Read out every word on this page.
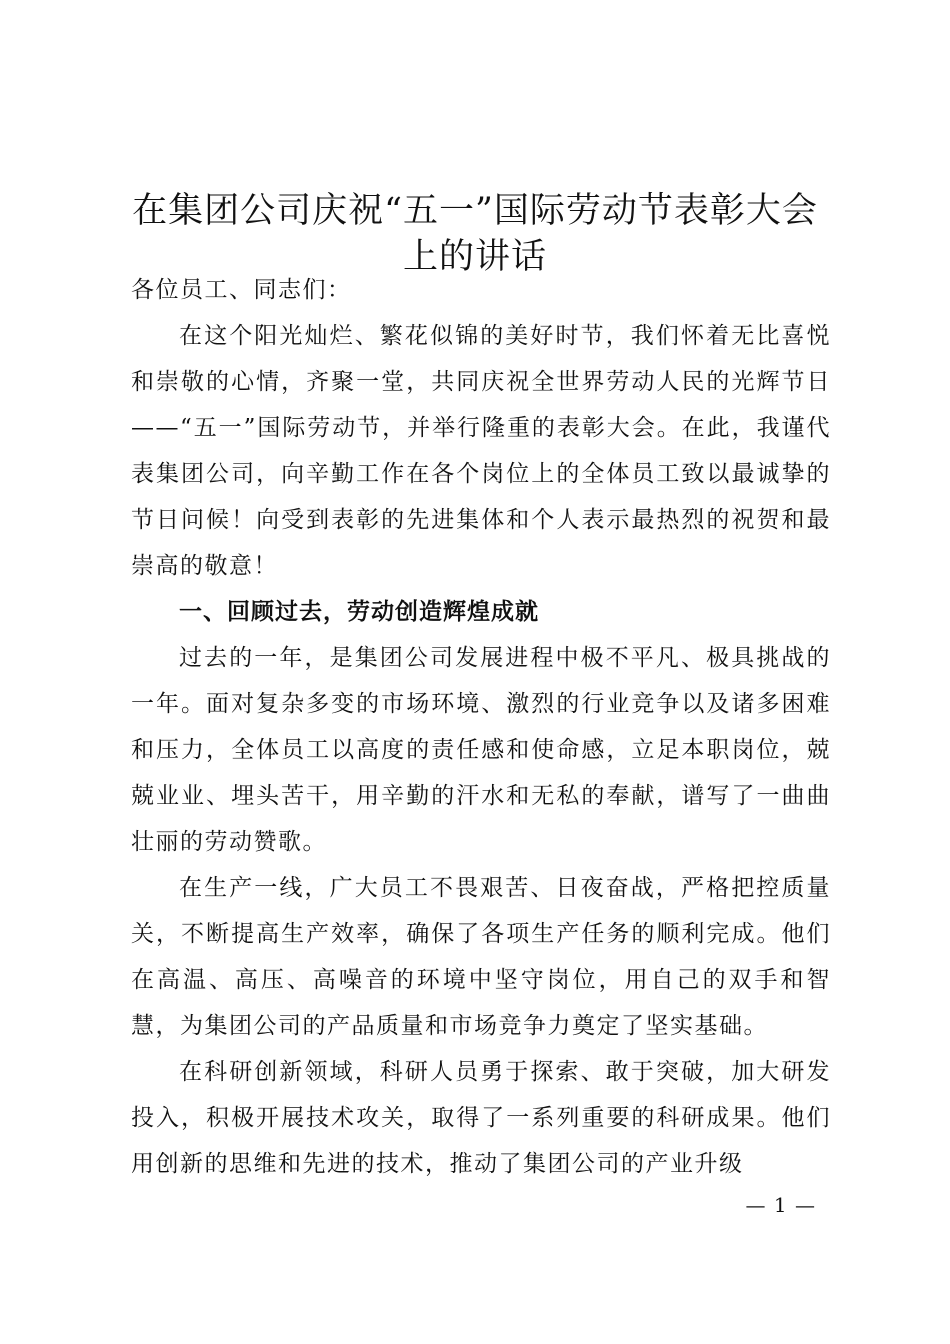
在集团公司庆祝“五一”国际劳动节表彰大会上的讲话

各位员工、同志们：

在这个阳光灿烂、繁花似锦的美好时节，我们怀着无比喜悦和崇敬的心情，齐聚一堂，共同庆祝全世界劳动人民的光辉节日——“五一”国际劳动节，并举行隆重的表彰大会。在此，我谨代表集团公司，向辛勤工作在各个岗位上的全体员工致以最诚挚的节日问候！向受到表彰的先进集体和个人表示最热烈的祝贺和最崇高的敬意！

一、回顾过去，劳动创造辉煌成就

过去的一年，是集团公司发展进程中极不平凡、极具挑战的一年。面对复杂多变的市场环境、激烈的行业竞争以及诸多困难和压力，全体员工以高度的责任感和使命感，立足本职岗位，兢兢业业、埋头苦干，用辛勤的汗水和无私的奉献，谱写了一曲曲壮丽的劳动赞歌。

在生产一线，广大员工不畏艰苦、日夜奋战，严格把控质量关，不断提高生产效率，确保了各项生产任务的顺利完成。他们在高温、高压、高噪音的环境中坚守岗位，用自己的双手和智慧，为集团公司的产品质量和市场竞争力奠定了坚实基础。

在科研创新领域，科研人员勇于探索、敢于突破，加大研发投入，积极开展技术攻关，取得了一系列重要的科研成果。他们用创新的思维和先进的技术，推动了集团公司的产业升级

— 1 —
